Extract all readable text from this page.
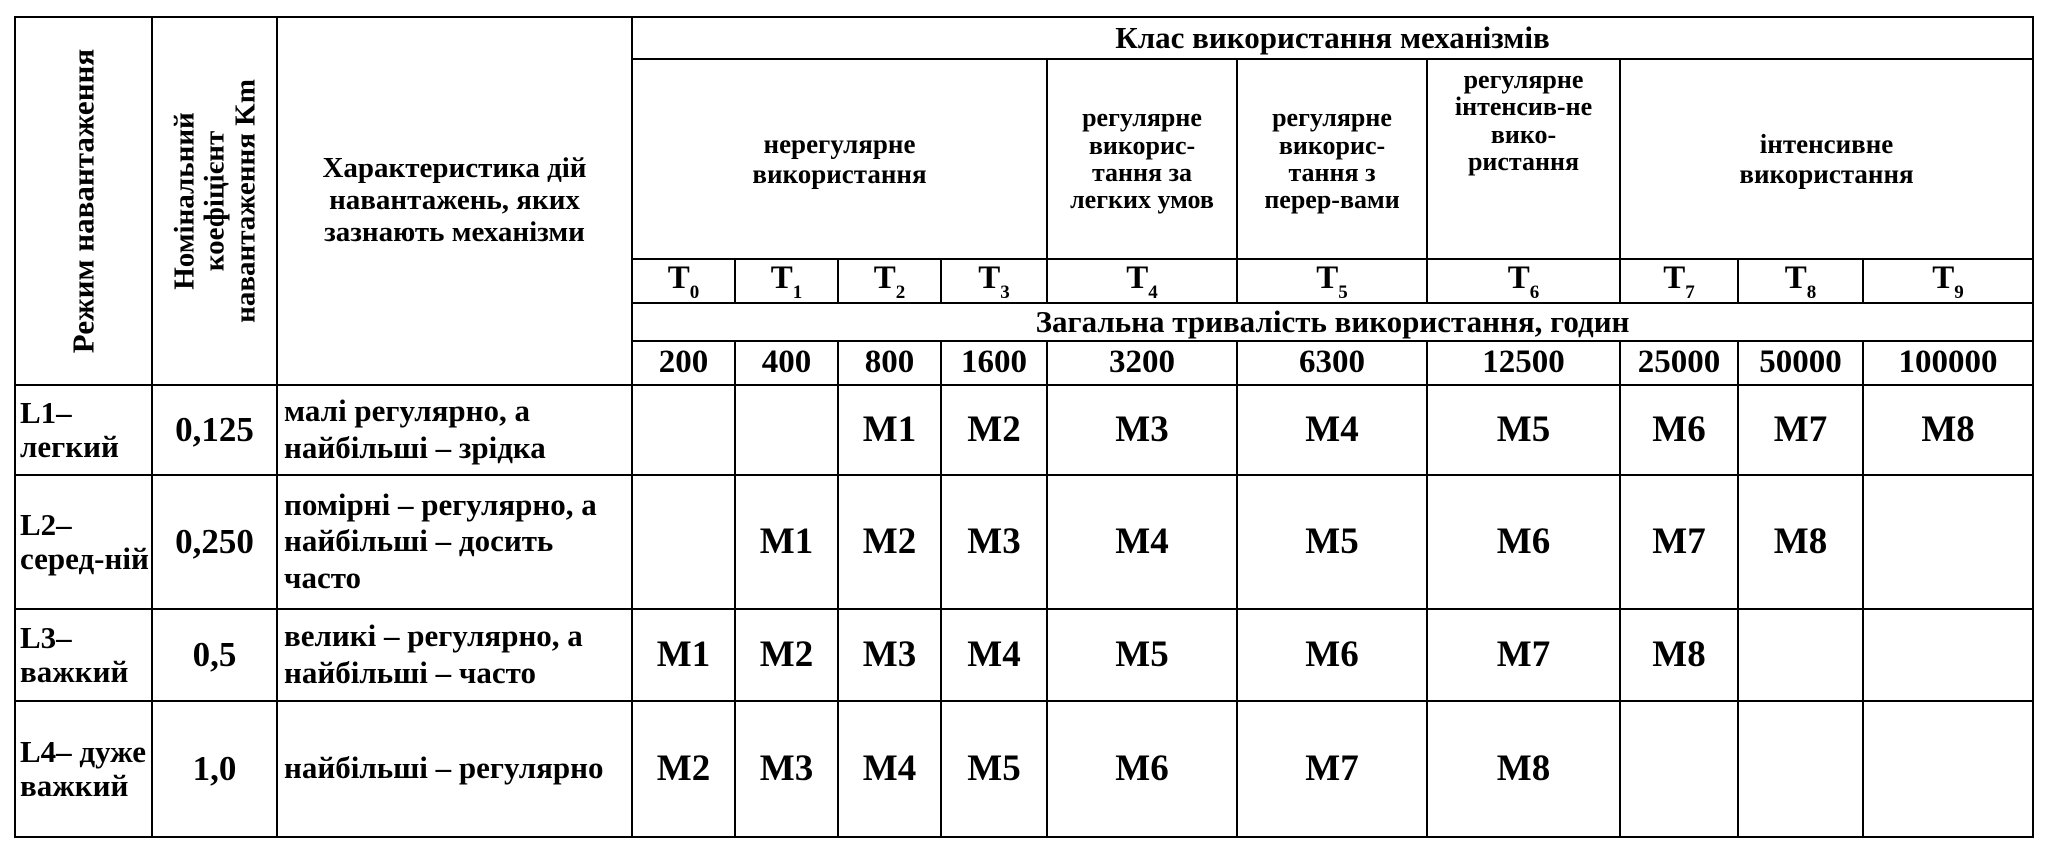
Режим навантаження	Номінальний
коефіцієнт
навантаження Km	Характеристика дій навантажень, яких зазнають механізми	Клас використання механізмів									
			нерегулярне використання				регулярне викорис-тання за легких умов	регулярне викорис-тання з перер-вами	регулярне інтенсив-не вико-ристання	інтенсивне використання		
			$T_0$	$T_1$	$T_2$	$T_3$	$T_4$	$T_5$	$T_6$	$T_7$	$T_8$	$T_9$
			Загальна тривалість використання, годин									
			200	400	800	1600	3200	6300	12500	25000	50000	100000
L1– легкий	0,125	малі регулярно, а найбільші – зрідка			M1	M2	M3	M4	M5	M6	M7	M8
L2– серед-ній	0,250	помірні – регулярно, а найбільші – досить часто		M1	M2	M3	M4	M5	M6	M7	M8	
L3– важкий	0,5	великі – регулярно, а найбільші – часто	M1	M2	M3	M4	M5	M6	M7	M8		
L4– дуже важкий	1,0	найбільші – регулярно	M2	M3	M4	M5	M6	M7	M8			
